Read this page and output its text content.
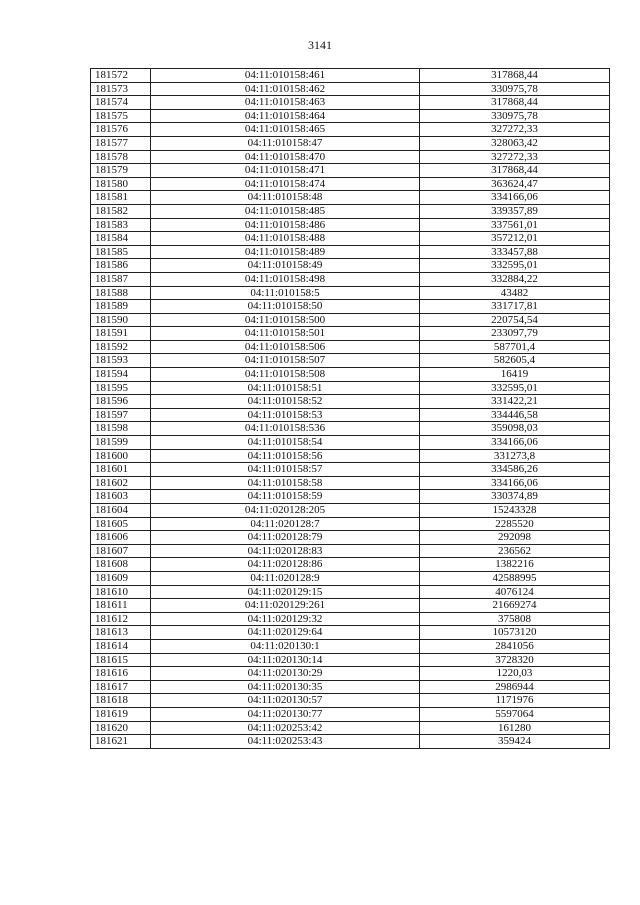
3141
181572	04:11:010158:461	317868,44
181573	04:11:010158:462	330975,78
181574	04:11:010158:463	317868,44
181575	04:11:010158:464	330975,78
181576	04:11:010158:465	327272,33
181577	04:11:010158:47	328063,42
181578	04:11:010158:470	327272,33
181579	04:11:010158:471	317868,44
181580	04:11:010158:474	363624,47
181581	04:11:010158:48	334166,06
181582	04:11:010158:485	339357,89
181583	04:11:010158:486	337561,01
181584	04:11:010158:488	357212,01
181585	04:11:010158:489	333457,88
181586	04:11:010158:49	332595,01
181587	04:11:010158:498	332884,22
181588	04:11:010158:5	43482
181589	04:11:010158:50	331717,81
181590	04:11:010158:500	220754,54
181591	04:11:010158:501	233097,79
181592	04:11:010158:506	587701,4
181593	04:11:010158:507	582605,4
181594	04:11:010158:508	16419
181595	04:11:010158:51	332595,01
181596	04:11:010158:52	331422,21
181597	04:11:010158:53	334446,58
181598	04:11:010158:536	359098,03
181599	04:11:010158:54	334166,06
181600	04:11:010158:56	331273,8
181601	04:11:010158:57	334586,26
181602	04:11:010158:58	334166,06
181603	04:11:010158:59	330374,89
181604	04:11:020128:205	15243328
181605	04:11:020128:7	2285520
181606	04:11:020128:79	292098
181607	04:11:020128:83	236562
181608	04:11:020128:86	1382216
181609	04:11:020128:9	42588995
181610	04:11:020129:15	4076124
181611	04:11:020129:261	21669274
181612	04:11:020129:32	375808
181613	04:11:020129:64	10573120
181614	04:11:020130:1	2841056
181615	04:11:020130:14	3728320
181616	04:11:020130:29	1220,03
181617	04:11:020130:35	2986944
181618	04:11:020130:57	1171976
181619	04:11:020130:77	5597064
181620	04:11:020253:42	161280
181621	04:11:020253:43	359424
